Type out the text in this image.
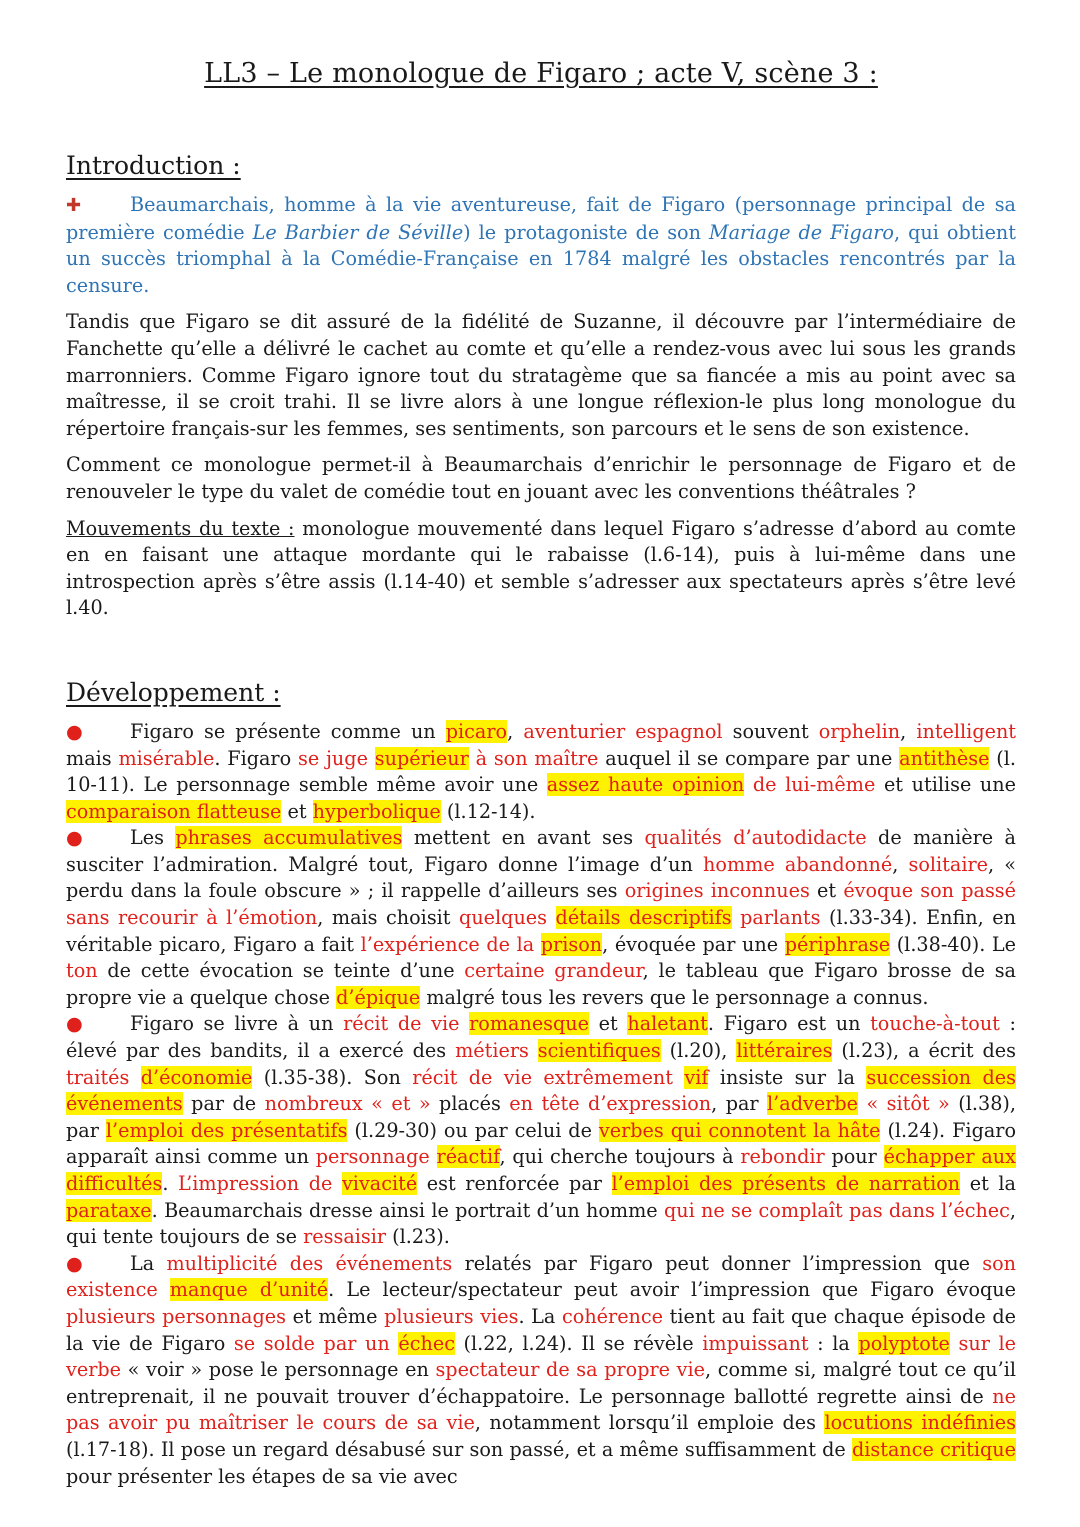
LL3 – Le monologue de Figaro ; acte V, scène 3 :
Introduction :

✚	Beaumarchais, homme à la vie aventureuse, fait de Figaro (personnage principal de sa première comédie Le Barbier de Séville) le protagoniste de son Mariage de Figaro, qui obtient un succès triomphal à la Comédie-Française en 1784 malgré les obstacles rencontrés par la censure.

Tandis que Figaro se dit assuré de la fidélité de Suzanne, il découvre par l’intermédiaire de Fanchette qu’elle a délivré le cachet au comte et qu’elle a rendez-vous avec lui sous les grands marronniers. Comme Figaro ignore tout du stratagème que sa fiancée a mis au point avec sa maîtresse, il se croit trahi. Il se livre alors à une longue réflexion-le plus long monologue du répertoire français-sur les femmes, ses sentiments, son parcours et le sens de son existence.

Comment ce monologue permet-il à Beaumarchais d’enrichir le personnage de Figaro et de renouveler le type du valet de comédie tout en jouant avec les conventions théâtrales ?

Mouvements du texte : monologue mouvementé dans lequel Figaro s’adresse d’abord au comte en en faisant une attaque mordante qui le rabaisse (l.6-14), puis à lui-même dans une introspection après s’être assis (l.14-40) et semble s’adresser aux spectateurs après s’être levé l.40.

Développement :

● Figaro se présente comme un picaro, aventurier espagnol souvent orphelin, intelligent mais misérable. Figaro se juge supérieur à son maître auquel il se compare par une antithèse (l. 10-11). Le personnage semble même avoir une assez haute opinion de lui-même et utilise une comparaison flatteuse et hyperbolique (l.12-14).

● Les phrases accumulatives mettent en avant ses qualités d’autodidacte de manière à susciter l’admiration. Malgré tout, Figaro donne l’image d’un homme abandonné, solitaire, « perdu dans la foule obscure » ; il rappelle d’ailleurs ses origines inconnues et évoque son passé sans recourir à l’émotion, mais choisit quelques détails descriptifs parlants (l.33-34). Enfin, en véritable picaro, Figaro a fait l’expérience de la prison, évoquée par une périphrase (l.38-40). Le ton de cette évocation se teinte d’une certaine grandeur, le tableau que Figaro brosse de sa propre vie a quelque chose d’épique malgré tous les revers que le personnage a connus.

● Figaro se livre à un récit de vie romanesque et haletant. Figaro est un touche-à-tout : élevé par des bandits, il a exercé des métiers scientifiques (l.20), littéraires (l.23), a écrit des traités d’économie (l.35-38). Son récit de vie extrêmement vif insiste sur la succession des événements par de nombreux « et » placés en tête d’expression, par l’adverbe « sitôt » (l.38), par l’emploi des présentatifs (l.29-30) ou par celui de verbes qui connotent la hâte (l.24). Figaro apparaît ainsi comme un personnage réactif, qui cherche toujours à rebondir pour échapper aux difficultés. L’impression de vivacité est renforcée par l’emploi des présents de narration et la parataxe. Beaumarchais dresse ainsi le portrait d’un homme qui ne se complaît pas dans l’échec, qui tente toujours de se ressaisir (l.23).

● La multiplicité des événements relatés par Figaro peut donner l’impression que son existence manque d’unité. Le lecteur/spectateur peut avoir l’impression que Figaro évoque plusieurs personnages et même plusieurs vies. La cohérence tient au fait que chaque épisode de la vie de Figaro se solde par un échec (l.22, l.24). Il se révèle impuissant : la polyptote sur le verbe « voir » pose le personnage en spectateur de sa propre vie, comme si, malgré tout ce qu’il entreprenait, il ne pouvait trouver d’échappatoire. Le personnage ballotté regrette ainsi de ne pas avoir pu maîtriser le cours de sa vie, notamment lorsqu’il emploie des locutions indéfinies (l.17-18). Il pose un regard désabusé sur son passé, et a même suffisamment de distance critique pour présenter les étapes de sa vie avec
